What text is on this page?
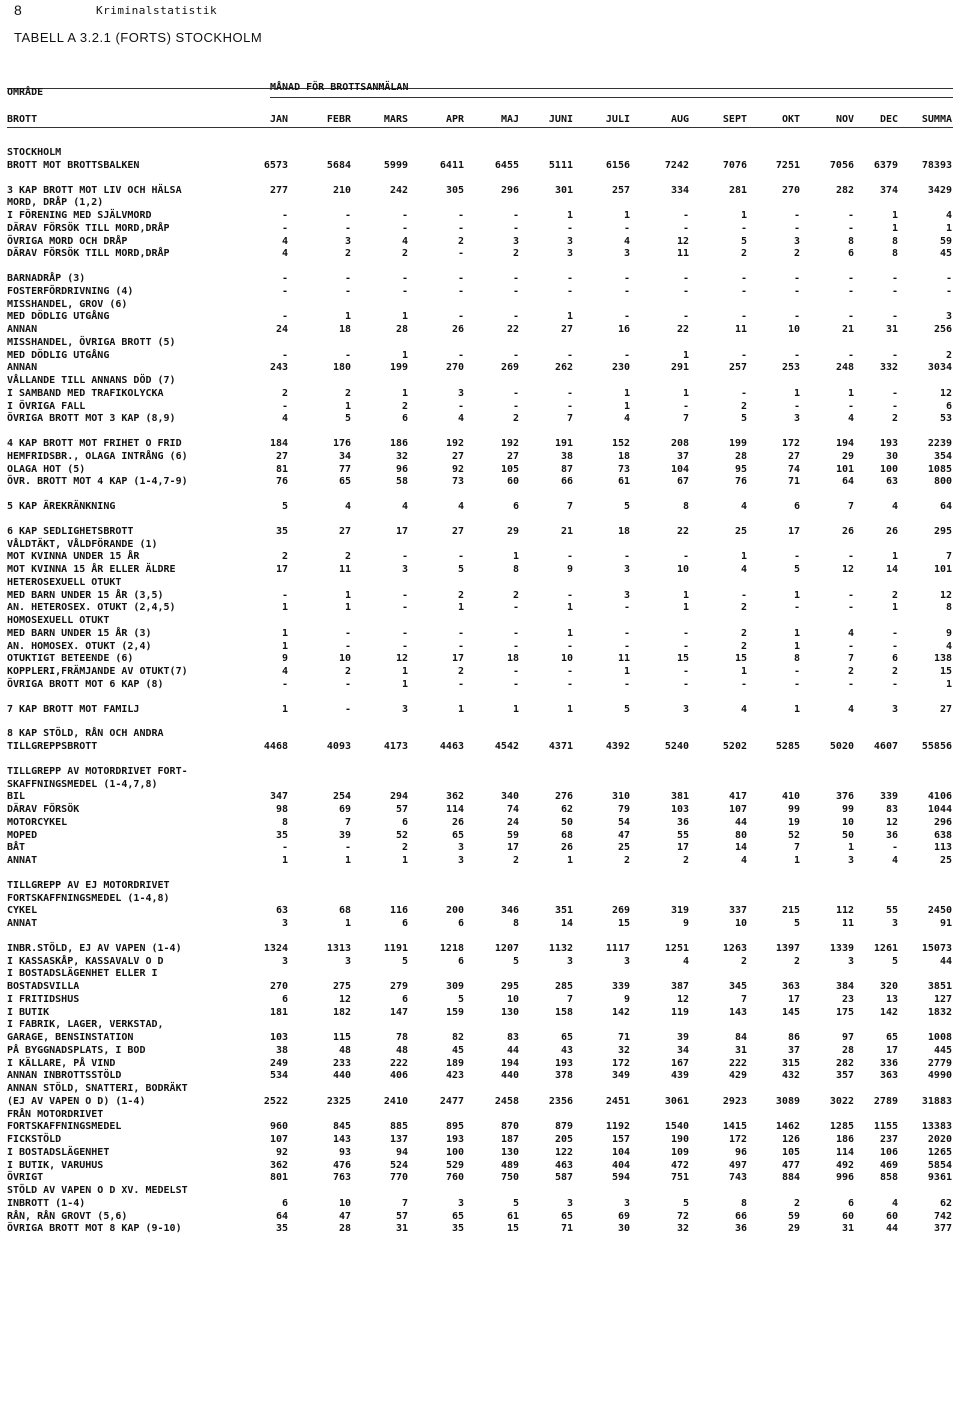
8	Kriminalstatistik
TABELL A 3.2.1 (FORTS) STOCKHOLM
OMRÅDE	MÅNAD FÖR BROTTSANMÄLAN
BROTT	JAN	FEBR	MARS	APR	MAJ	JUNI	JULI	AUG	SEPT	OKT	NOV	DEC	SUMMA
STOCKHOLM
BROTT MOT BROTTSBALKEN	6573	5684	5999	6411	6455	5111	6156	7242	7076	7251	7056	6379	78393
3 KAP BROTT MOT LIV OCH HÄLSA	277	210	242	305	296	301	257	334	281	270	282	374	3429
MORD, DRÅP (1,2)
I FÖRENING MED SJÄLVMORD	-	-	-	-	-	1	1	-	1	-	-	1	4
DÄRAV FÖRSÖK TILL MORD,DRÅP	-	-	-	-	-	-	-	-	-	-	-	1	1
ÖVRIGA MORD OCH DRÅP	4	3	4	2	3	3	4	12	5	3	8	8	59
DÄRAV FÖRSÖK TILL MORD,DRÅP	4	2	2	-	2	3	3	11	2	2	6	8	45
BARNADRÅP (3)	-	-	-	-	-	-	-	-	-	-	-	-	-
FOSTERFÖRDRIVNING (4)	-	-	-	-	-	-	-	-	-	-	-	-	-
MISSHANDEL, GROV (6)
MED DÖDLIG UTGÅNG	-	1	1	-	-	1	-	-	-	-	-	-	3
ANNAN	24	18	28	26	22	27	16	22	11	10	21	31	256
MISSHANDEL, ÖVRIGA BROTT (5)
MED DÖDLIG UTGÅNG	-	-	1	-	-	-	-	1	-	-	-	-	2
ANNAN	243	180	199	270	269	262	230	291	257	253	248	332	3034
VÅLLANDE TILL ANNANS DÖD (7)
I SAMBAND MED TRAFIKOLYCKA	2	2	1	3	-	-	1	1	-	1	1	-	12
I ÖVRIGA FALL	-	1	2	-	-	-	1	-	2	-	-	-	6
ÖVRIGA BROTT MOT 3 KAP (8,9)	4	5	6	4	2	7	4	7	5	3	4	2	53
4 KAP BROTT MOT FRIHET O FRID	184	176	186	192	192	191	152	208	199	172	194	193	2239
HEMFRIDSBR., OLAGA INTRÅNG (6)	27	34	32	27	27	38	18	37	28	27	29	30	354
OLAGA HOT (5)	81	77	96	92	105	87	73	104	95	74	101	100	1085
ÖVR. BROTT MOT 4 KAP (1-4,7-9)	76	65	58	73	60	66	61	67	76	71	64	63	800
5 KAP ÄREKRÄNKNING	5	4	4	4	6	7	5	8	4	6	7	4	64
6 KAP SEDLIGHETSBROTT	35	27	17	27	29	21	18	22	25	17	26	26	295
VÅLDTÄKT, VÅLDFÖRANDE (1)
MOT KVINNA UNDER 15 ÅR	2	2	-	-	1	-	-	-	1	-	-	1	7
MOT KVINNA 15 ÅR ELLER ÄLDRE	17	11	3	5	8	9	3	10	4	5	12	14	101
HETEROSEXUELL OTUKT
MED BARN UNDER 15 ÅR (3,5)	-	1	-	2	2	-	3	1	-	1	-	2	12
AN. HETEROSEX. OTUKT (2,4,5)	1	1	-	1	-	1	-	1	2	-	-	1	8
HOMOSEXUELL OTUKT
MED BARN UNDER 15 ÅR (3)	1	-	-	-	-	1	-	-	2	1	4	-	9
AN. HOMOSEX. OTUKT (2,4)	1	-	-	-	-	-	-	-	2	1	-	-	4
OTUKTIGT BETEENDE (6)	9	10	12	17	18	10	11	15	15	8	7	6	138
KOPPLERI,FRÄMJANDE AV OTUKT(7)	4	2	1	2	-	-	1	-	1	-	2	2	15
ÖVRIGA BROTT MOT 6 KAP (8)	-	-	1	-	-	-	-	-	-	-	-	-	1
7 KAP BROTT MOT FAMILJ	1	-	3	1	1	1	5	3	4	1	4	3	27
8 KAP STÖLD, RÅN OCH ANDRA
TILLGREPPSBROTT	4468	4093	4173	4463	4542	4371	4392	5240	5202	5285	5020	4607	55856
TILLGREPP AV MOTORDRIVET FORT-
SKAFFNINGSMEDEL (1-4,7,8)
BIL	347	254	294	362	340	276	310	381	417	410	376	339	4106
DÄRAV FÖRSÖK	98	69	57	114	74	62	79	103	107	99	99	83	1044
MOTORCYKEL	8	7	6	26	24	50	54	36	44	19	10	12	296
MOPED	35	39	52	65	59	68	47	55	80	52	50	36	638
BÅT	-	-	2	3	17	26	25	17	14	7	1	-	113
ANNAT	1	1	1	3	2	1	2	2	4	1	3	4	25
TILLGREPP AV EJ MOTORDRIVET
FORTSKAFFNINGSMEDEL (1-4,8)
CYKEL	63	68	116	200	346	351	269	319	337	215	112	55	2450
ANNAT	3	1	6	6	8	14	15	9	10	5	11	3	91
INBR.STÖLD, EJ AV VAPEN (1-4)	1324	1313	1191	1218	1207	1132	1117	1251	1263	1397	1339	1261	15073
I KASSASKÅP, KASSAVALV O D	3	3	5	6	5	3	3	4	2	2	3	5	44
I BOSTADSLÄGENHET ELLER I
BOSTADSVILLA	270	275	279	309	295	285	339	387	345	363	384	320	3851
I FRITIDSHUS	6	12	6	5	10	7	9	12	7	17	23	13	127
I BUTIK	181	182	147	159	130	158	142	119	143	145	175	142	1832
I FABRIK, LAGER, VERKSTAD,
GARAGE, BENSINSTATION	103	115	78	82	83	65	71	39	84	86	97	65	1008
PÅ BYGGNADSPLATS, I BOD	38	48	48	45	44	43	32	34	31	37	28	17	445
I KÄLLARE, PÅ VIND	249	233	222	189	194	193	172	167	222	315	282	336	2779
ANNAN INBROTTSSTÖLD	534	440	406	423	440	378	349	439	429	432	357	363	4990
ANNAN STÖLD, SNATTERI, BODRÄKT
(EJ AV VAPEN O D) (1-4)	2522	2325	2410	2477	2458	2356	2451	3061	2923	3089	3022	2789	31883
FRÅN MOTORDRIVET
FORTSKAFFNINGSMEDEL	960	845	885	895	870	879	1192	1540	1415	1462	1285	1155	13383
FICKSTÖLD	107	143	137	193	187	205	157	190	172	126	186	237	2020
I BOSTADSLÄGENHET	92	93	94	100	130	122	104	109	96	105	114	106	1265
I BUTIK, VARUHUS	362	476	524	529	489	463	404	472	497	477	492	469	5854
ÖVRIGT	801	763	770	760	750	587	594	751	743	884	996	858	9361
STÖLD AV VAPEN O D XV. MEDELST
INBROTT (1-4)	6	10	7	3	5	3	3	5	8	2	6	4	62
RÅN, RÅN GROVT (5,6)	64	47	57	65	61	65	69	72	66	59	60	60	742
ÖVRIGA BROTT MOT 8 KAP (9-10)	35	28	31	35	15	71	30	32	36	29	31	44	377
